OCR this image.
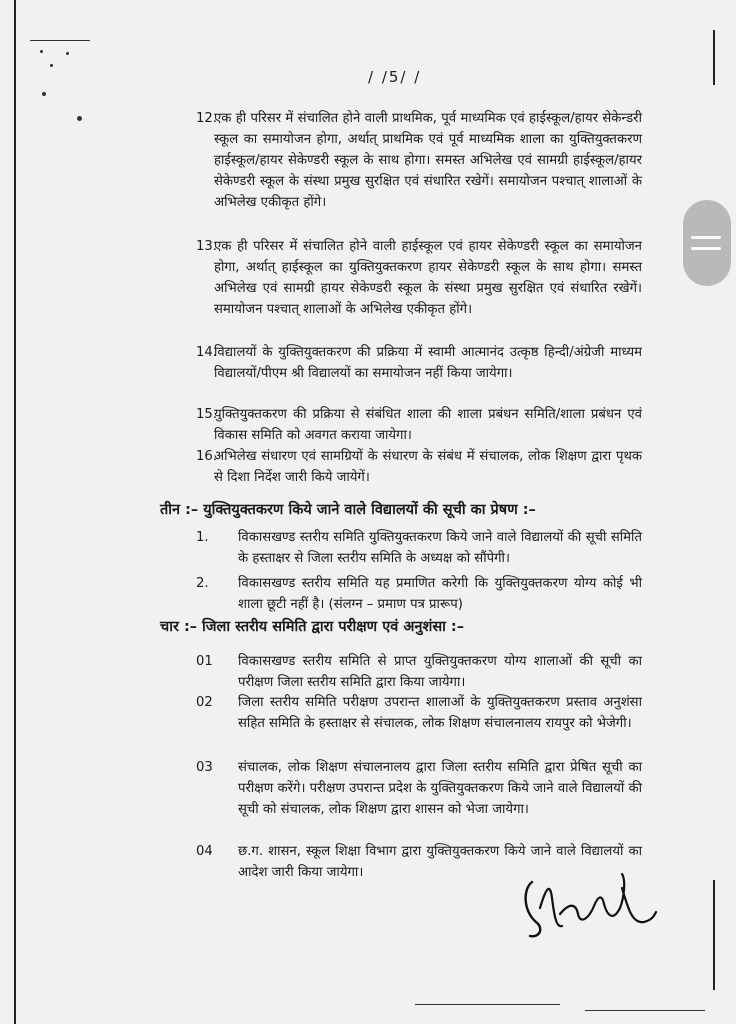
/ /5/ /
12.
एक ही परिसर में संचालित होने वाली प्राथमिक, पूर्व माध्यमिक एवं हाईस्कूल/हायर सेकेन्डरी स्कूल का समायोजन होगा, अर्थात् प्राथमिक एवं पूर्व माध्यमिक शाला का युक्तियुक्तकरण हाईस्कूल/हायर सेकेण्डरी स्कूल के साथ होगा। समस्त अभिलेख एवं सामग्री हाईस्कूल/हायर सेकेण्डरी स्कूल के संस्था प्रमुख सुरक्षित एवं संधारित रखेगें। समायोजन पश्चात् शालाओं के अभिलेख एकीकृत होंगे।
13.
एक ही परिसर में संचालित होने वाली हाईस्कूल एवं हायर सेकेण्डरी स्कूल का समायोजन होगा, अर्थात् हाईस्कूल का युक्तियुक्तकरण हायर सेकेण्डरी स्कूल के साथ होगा। समस्त अभिलेख एवं सामग्री हायर सेकेण्डरी स्कूल के संस्था प्रमुख सुरक्षित एवं संधारित रखेगें। समायोजन पश्चात् शालाओं के अभिलेख एकीकृत होंगे।
14.
विद्यालयों के युक्तियुक्तकरण की प्रक्रिया में स्वामी आत्मानंद उत्कृष्ठ हिन्दी/अंग्रेजी माध्यम विद्यालयों/पीएम श्री विद्यालयों का समायोजन नहीं किया जायेगा।
15.
युक्तियुक्तकरण की प्रक्रिया से संबंधित शाला की शाला प्रबंधन समिति/शाला प्रबंधन एवं विकास समिति को अवगत कराया जायेगा।
16.
अभिलेख संधारण एवं सामग्रियों के संधारण के संबंध में संचालक, लोक शिक्षण द्वारा पृथक से दिशा निर्देश जारी किये जायेगें।
तीन :– युक्तियुक्तकरण किये जाने वाले विद्यालयों की सूची का प्रेषण :–
1. विकासखण्ड स्तरीय समिति युक्तियुक्तकरण किये जाने वाले विद्यालयों की सूची समिति के हस्ताक्षर से जिला स्तरीय समिति के अध्यक्ष को सौंपेगी।
2. विकासखण्ड स्तरीय समिति यह प्रमाणित करेगी कि युक्तियुक्तकरण योग्य कोई भी शाला छूटी नहीं है। (संलग्न – प्रमाण पत्र प्रारूप)
चार :– जिला स्तरीय समिति द्वारा परीक्षण एवं अनुशंसा :–
01 विकासखण्ड स्तरीय समिति से प्राप्त युक्तियुक्तकरण योग्य शालाओं की सूची का परीक्षण जिला स्तरीय समिति द्वारा किया जायेगा।
02 जिला स्तरीय समिति परीक्षण उपरान्त शालाओं के युक्तियुक्तकरण प्रस्ताव अनुशंसा सहित समिति के हस्ताक्षर से संचालक, लोक शिक्षण संचालनालय रायपुर को भेजेगी।
03 संचालक, लोक शिक्षण संचालनालय द्वारा जिला स्तरीय समिति द्वारा प्रेषित सूची का परीक्षण करेंगे। परीक्षण उपरान्त प्रदेश के युक्तियुक्तकरण किये जाने वाले विद्यालयों की सूची को संचालक, लोक शिक्षण द्वारा शासन को भेजा जायेगा।
04 छ.ग. शासन, स्कूल शिक्षा विभाग द्वारा युक्तियुक्तकरण किये जाने वाले विद्यालयों का आदेश जारी किया जायेगा।
